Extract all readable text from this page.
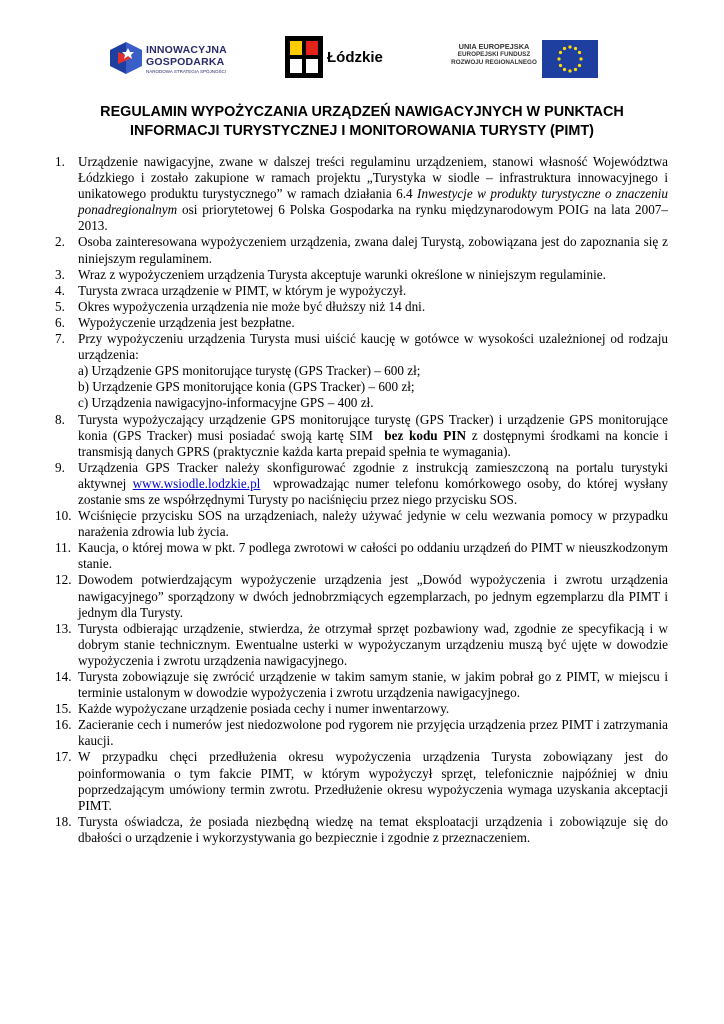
INNOWACYJNA
GOSPODARKA
NARODOWA STRATEGIA SPÓJNOŚCI
Łódzkie
UNIA EUROPEJSKA
EUROPEJSKI FUNDUSZ
ROZWOJU REGIONALNEGO
REGULAMIN WYPOŻYCZANIA URZĄDZEŃ NAWIGACYJNYCH W PUNKTACH
INFORMACJI TURYSTYCZNEJ I MONITOROWANIA TURYSTY (PIMT)
1. Urządzenie nawigacyjne, zwane w dalszej treści regulaminu urządzeniem, stanowi własność Województwa Łódzkiego i zostało zakupione w ramach projektu „Turystyka w siodle – infrastruktura innowacyjnego i unikatowego produktu turystycznego” w ramach działania 6.4 Inwestycje w produkty turystyczne o znaczeniu ponadregionalnym osi priorytetowej 6 Polska Gospodarka na rynku międzynarodowym POIG na lata 2007–2013.
2. Osoba zainteresowana wypożyczeniem urządzenia, zwana dalej Turystą, zobowiązana jest do zapoznania się z niniejszym regulaminem.
3. Wraz z wypożyczeniem urządzenia Turysta akceptuje warunki określone w niniejszym regulaminie.
4. Turysta zwraca urządzenie w PIMT, w którym je wypożyczył.
5. Okres wypożyczenia urządzenia nie może być dłuższy niż 14 dni.
6. Wypożyczenie urządzenia jest bezpłatne.
7. Przy wypożyczeniu urządzenia Turysta musi uiścić kaucję w gotówce w wysokości uzależnionej od rodzaju urządzenia:
a) Urządzenie GPS monitorujące turystę (GPS Tracker) – 600 zł;
b) Urządzenie GPS monitorujące konia (GPS Tracker) – 600 zł;
c) Urządzenia nawigacyjno-informacyjne GPS – 400 zł.
8. Turysta wypożyczający urządzenie GPS monitorujące turystę (GPS Tracker) i urządzenie GPS monitorujące konia (GPS Tracker) musi posiadać swoją kartę SIM  bez kodu PIN z dostępnymi środkami na koncie i transmisją danych GPRS (praktycznie każda karta prepaid spełnia te wymagania).
9. Urządzenia GPS Tracker należy skonfigurować zgodnie z instrukcją zamieszczoną na portalu turystyki aktywnej www.wsiodle.lodzkie.pl  wprowadzając numer telefonu komórkowego osoby, do której wysłany zostanie sms ze współrzędnymi Turysty po naciśnięciu przez niego przycisku SOS.
10. Wciśnięcie przycisku SOS na urządzeniach, należy używać jedynie w celu wezwania pomocy w przypadku narażenia zdrowia lub życia.
11. Kaucja, o której mowa w pkt. 7 podlega zwrotowi w całości po oddaniu urządzeń do PIMT w nieuszkodzonym stanie.
12. Dowodem potwierdzającym wypożyczenie urządzenia jest „Dowód wypożyczenia i zwrotu urządzenia nawigacyjnego” sporządzony w dwóch jednobrzmiących egzemplarzach, po jednym egzemplarzu dla PIMT i jednym dla Turysty.
13. Turysta odbierając urządzenie, stwierdza, że otrzymał sprzęt pozbawiony wad, zgodnie ze specyfikacją i w dobrym stanie technicznym. Ewentualne usterki w wypożyczanym urządzeniu muszą być ujęte w dowodzie wypożyczenia i zwrotu urządzenia nawigacyjnego.
14. Turysta zobowiązuje się zwrócić urządzenie w takim samym stanie, w jakim pobrał go z PIMT, w miejscu i terminie ustalonym w dowodzie wypożyczenia i zwrotu urządzenia nawigacyjnego.
15. Każde wypożyczane urządzenie posiada cechy i numer inwentarzowy.
16. Zacieranie cech i numerów jest niedozwolone pod rygorem nie przyjęcia urządzenia przez PIMT i zatrzymania kaucji.
17. W przypadku chęci przedłużenia okresu wypożyczenia urządzenia Turysta zobowiązany jest do poinformowania o tym fakcie PIMT, w którym wypożyczył sprzęt, telefonicznie najpóźniej w dniu poprzedzającym umówiony termin zwrotu. Przedłużenie okresu wypożyczenia wymaga uzyskania akceptacji PIMT.
18. Turysta oświadcza, że posiada niezbędną wiedzę na temat eksploatacji urządzenia i zobowiązuje się do dbałości o urządzenie i wykorzystywania go bezpiecznie i zgodnie z przeznaczeniem.
